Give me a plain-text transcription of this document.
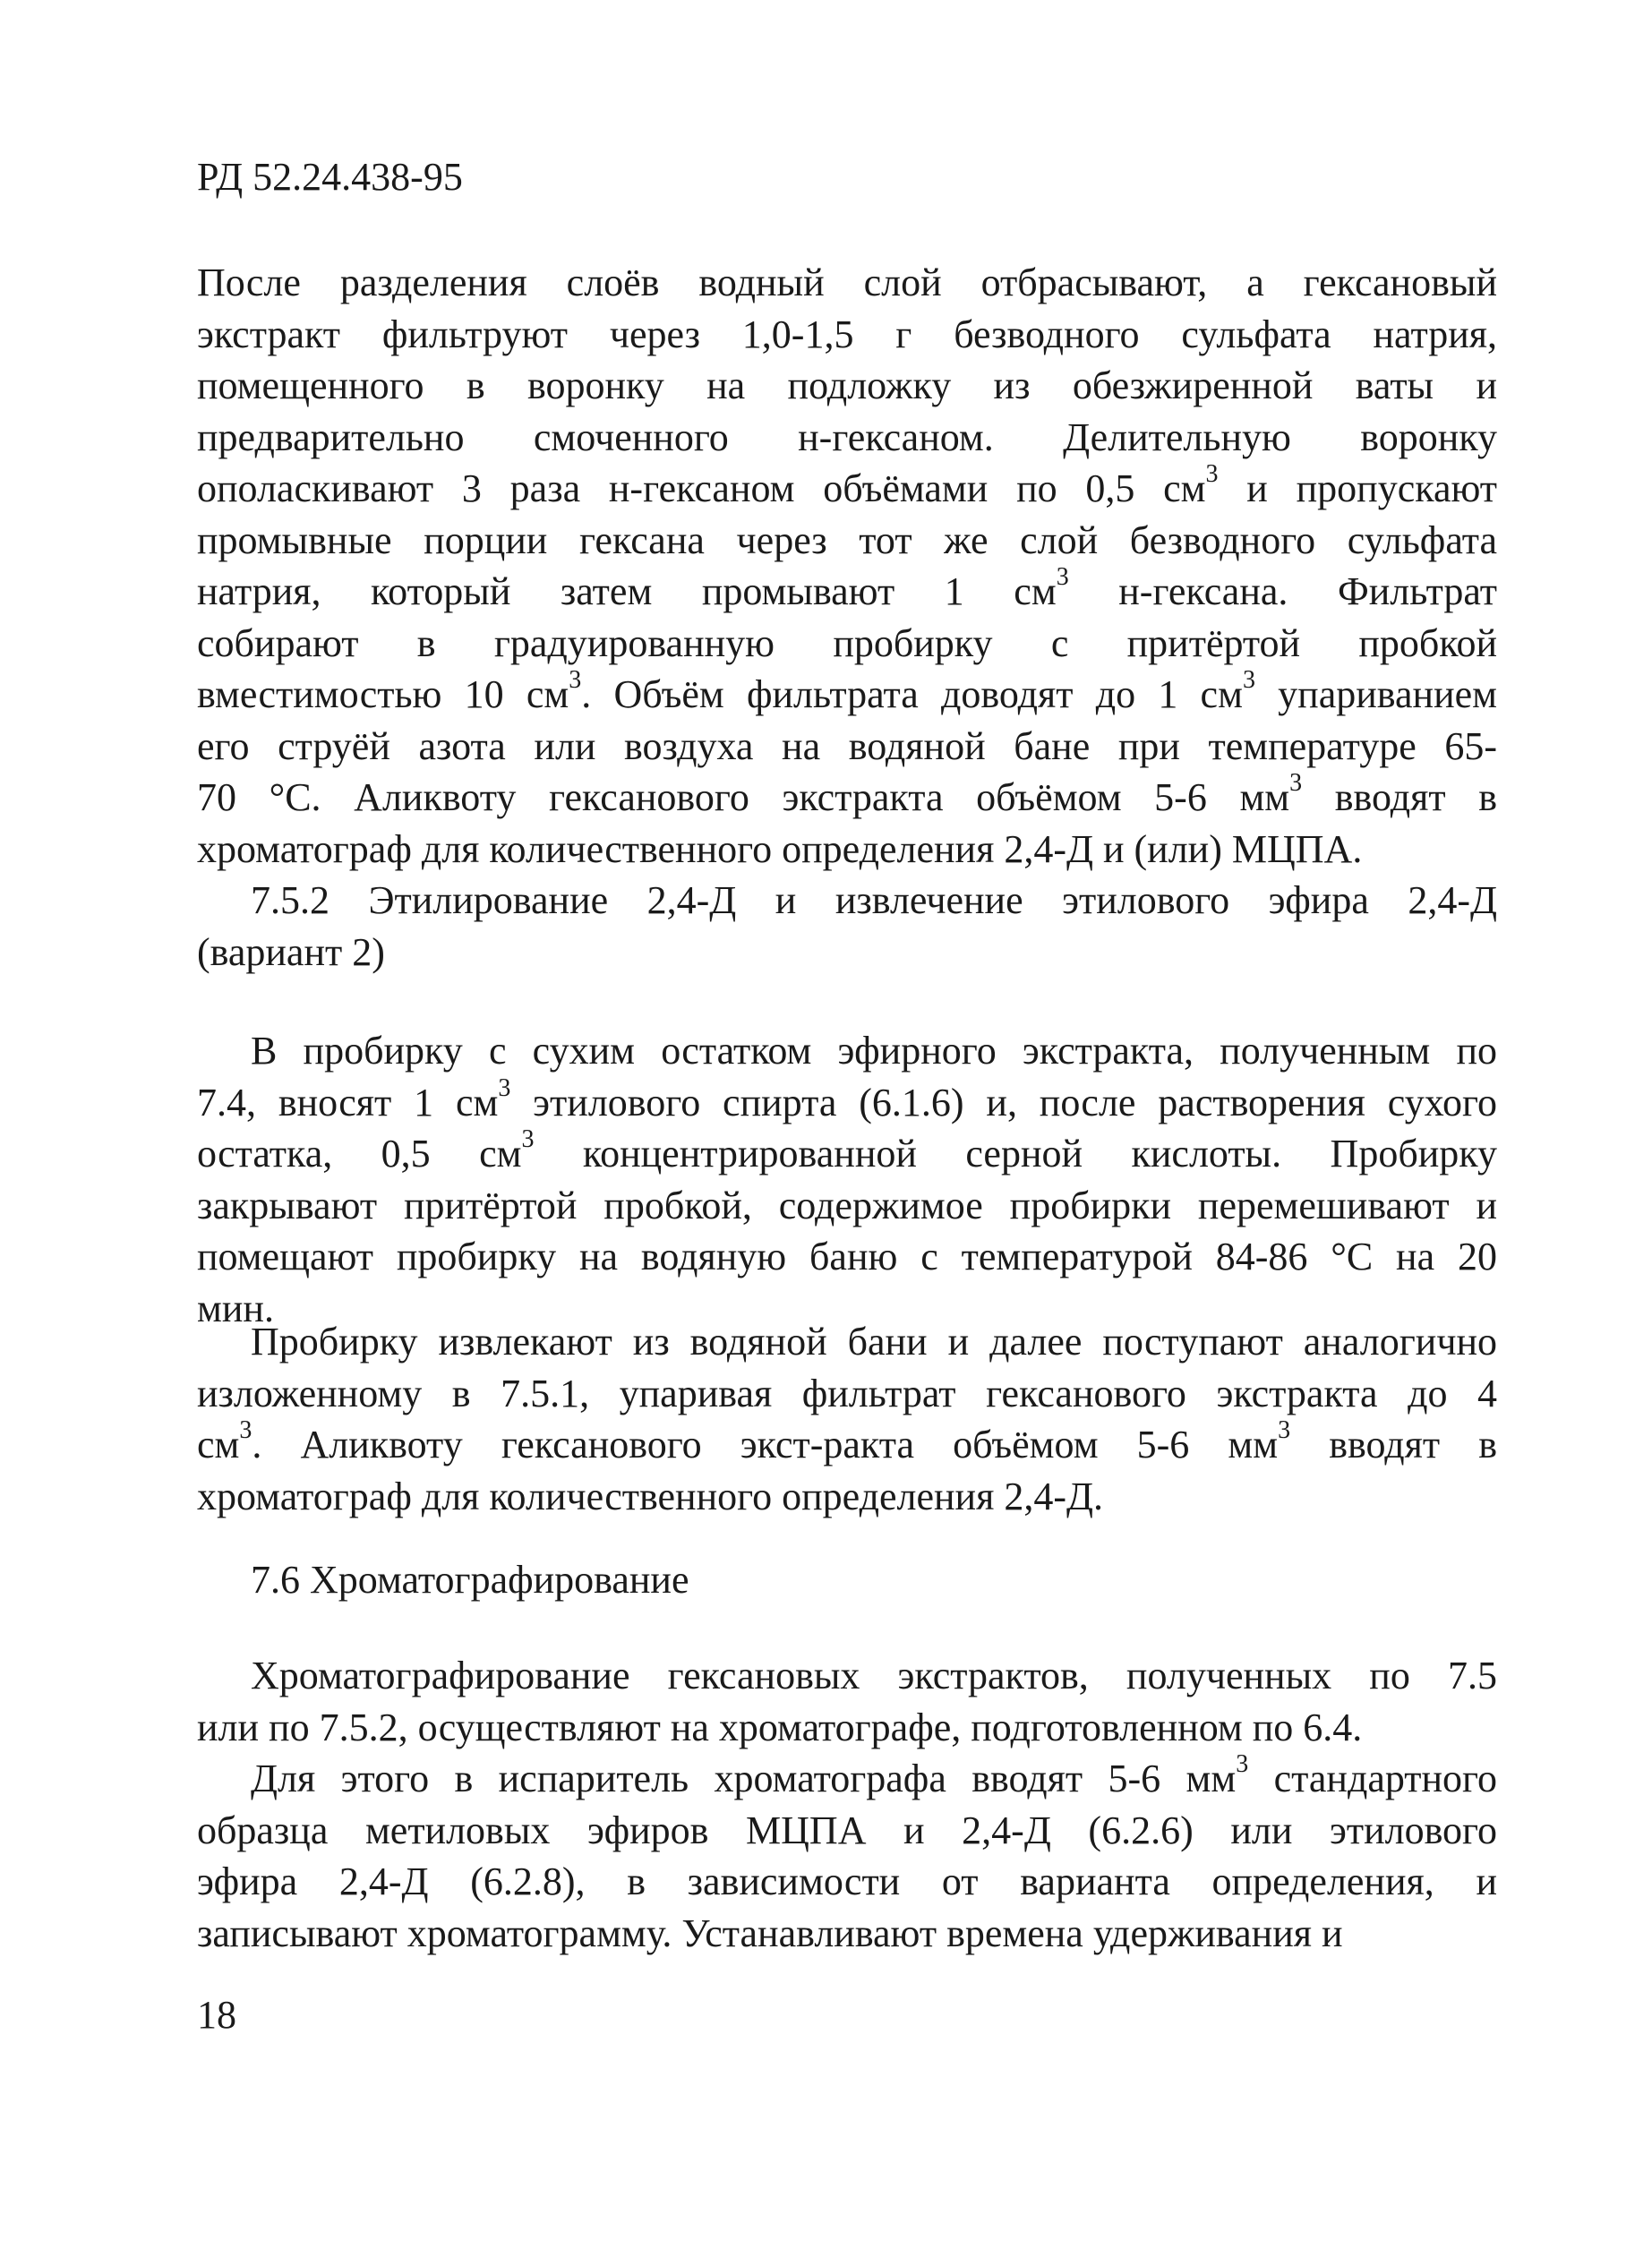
РД 52.24.438-95
После разделения слоёв водный слой отбрасывают, а гексановый
экстракт фильтруют через 1,0-1,5 г безводного сульфата натрия,
помещенного в воронку на подложку из обезжиренной ваты и
предварительно смоченного н-гексаном. Делительную воронку
ополаскивают 3 раза н-гексаном объёмами по 0,5 $см^3$ и пропускают
промывные порции гексана через тот же слой безводного сульфата
натрия, который затем промывают 1 $см^3$ н-гексана. Фильтрат
собирают в градуированную пробирку с притёртой пробкой
вместимостью 10 $см^3$. Объём фильтрата доводят до 1 $см^3$ упариванием
его струёй азота или воздуха на водяной бане при температуре 65-
70 °С. Аликвоту гексанового экстракта объёмом 5-6 $мм^3$ вводят в
хроматограф для количественного определения 2,4-Д и (или) МЦПА.
7.5.2 Этилирование 2,4-Д и извлечение этилового эфира 2,4-Д
(вариант 2)
В пробирку с сухим остатком эфирного экстракта, полученным по
7.4, вносят 1 $см^3$ этилового спирта (6.1.6) и, после растворения сухого
остатка, 0,5 $см^3$ концентрированной серной кислоты. Пробирку
закрывают притёртой пробкой, содержимое пробирки перемешивают и
помещают пробирку на водяную баню с температурой 84-86 °С на 20
мин.
Пробирку извлекают из водяной бани и далее поступают аналогично
изложенному в 7.5.1, упаривая фильтрат гексанового экстракта до 4
$см^3$. Аликвоту гексанового экст-ракта объёмом 5-6 $мм^3$ вводят в
хроматограф для количественного определения 2,4-Д.
7.6 Хроматографирование
Хроматографирование гексановых экстрактов, полученных по 7.5
или по 7.5.2, осуществляют на хроматографе, подготовленном по 6.4.
Для этого в испаритель хроматографа вводят 5-6 $мм^3$ стандартного
образца метиловых эфиров МЦПА и 2,4-Д (6.2.6) или этилового
эфира 2,4-Д (6.2.8), в зависимости от варианта определения, и
записывают хроматограмму. Устанавливают времена удерживания и
18
